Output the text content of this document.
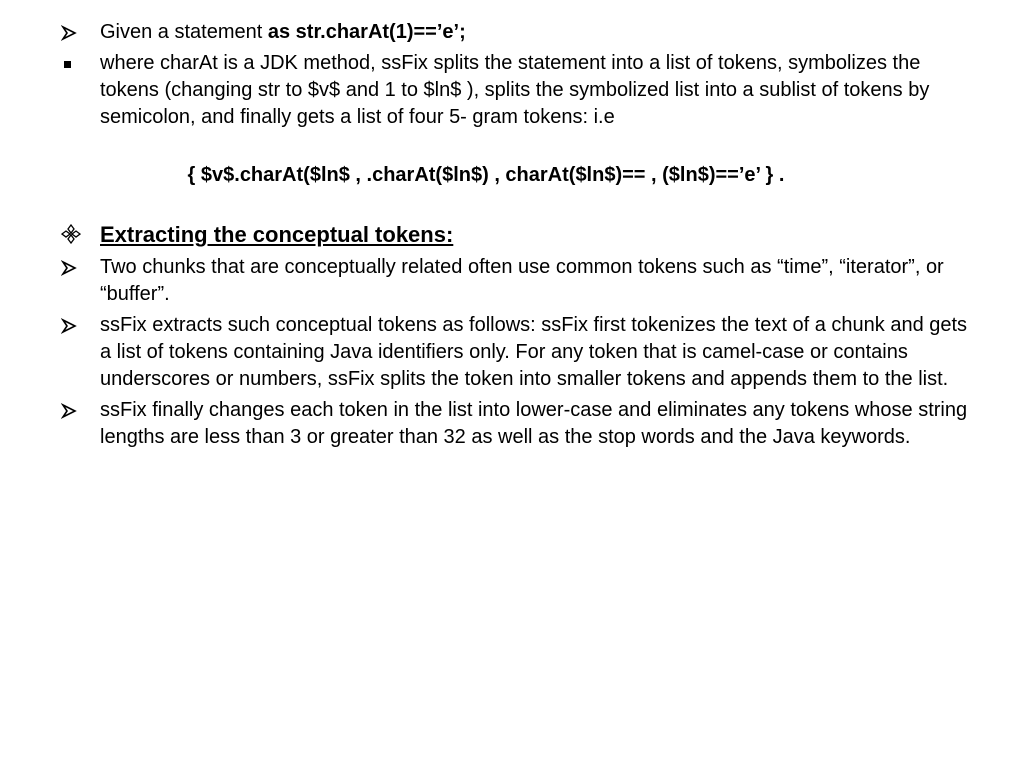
Given a statement as str.charAt(1)==’e’;
where charAt is a JDK method, ssFix splits the statement into a list of tokens, symbolizes the tokens (changing str to $v$ and 1 to $ln$ ), splits the symbolized list into a sublist of tokens by semicolon, and finally gets a list of four 5- gram tokens: i.e
{ $v$.charAt($ln$ , .charAt($ln$) , charAt($ln$)== , ($ln$)==’e’ } .
Extracting the conceptual tokens:
Two chunks that are conceptually related often use common tokens such as “time”, “iterator”, or “buffer”.
ssFix extracts such conceptual tokens as follows: ssFix first tokenizes the text of a chunk and gets a list of tokens containing Java identifiers only. For any token that is camel-case or contains underscores or numbers, ssFix splits the token into smaller tokens and appends them to the list.
ssFix finally changes each token in the list into lower-case and eliminates any tokens whose string lengths are less than 3 or greater than 32 as well as the stop words and the Java keywords.
